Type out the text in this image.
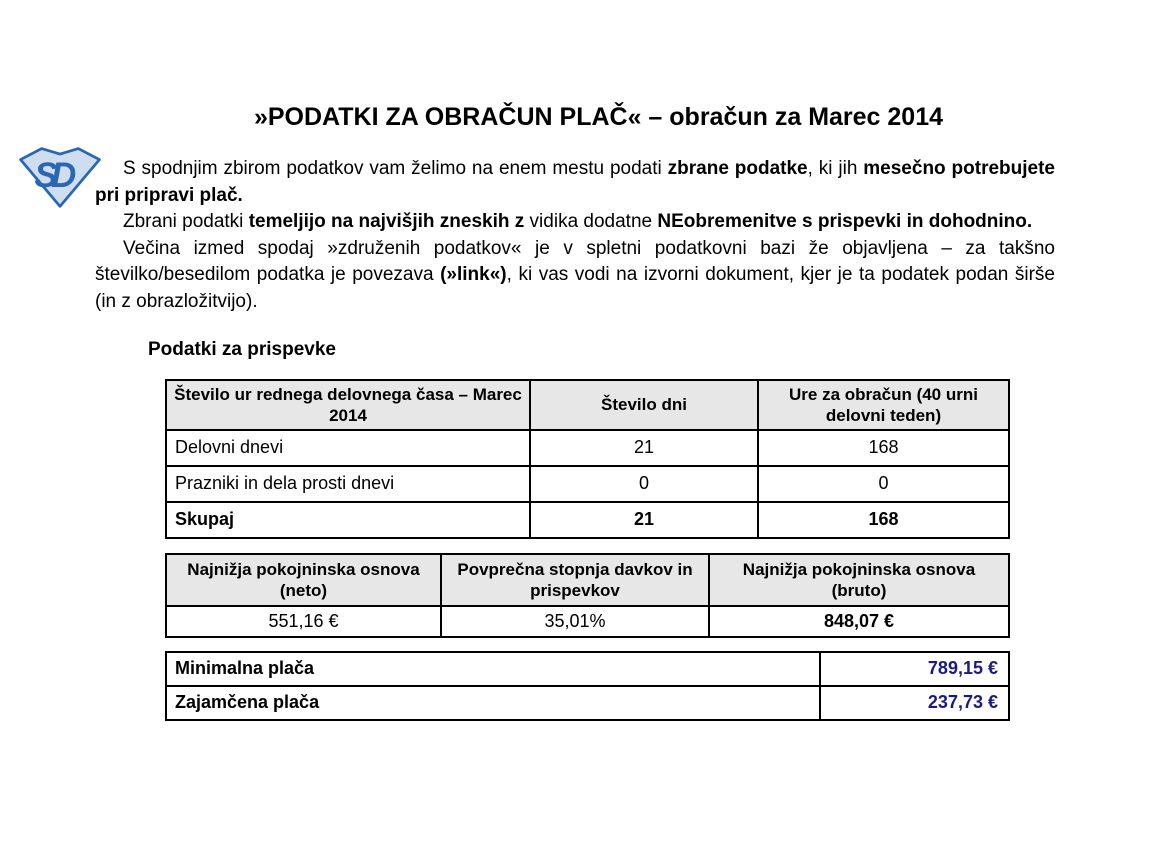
SD
»PODATKI ZA OBRAČUN PLAČ« – obračun za Marec 2014

S spodnjim zbirom podatkov vam želimo na enem mestu podati zbrane podatke, ki jih mesečno potrebujete pri pripravi plač.

Zbrani podatki temeljijo na najvišjih zneskih z vidika dodatne NEobremenitve s prispevki in dohodnino.

Večina izmed spodaj »združenih podatkov« je v spletni podatkovni bazi že objavljena – za takšno številko/besedilom podatka je povezava (»link«), ki vas vodi na izvorni dokument, kjer je ta podatek podan širše (in z obrazložitvijo).

Podatki za prispevke
Število ur rednega delovnega časa – Marec 2014	Število dni	Ure za obračun (40 urni delovni teden)
Delovni dnevi	21	168
Prazniki in dela prosti dnevi	0	0
Skupaj	21	168
Najnižja pokojninska osnova (neto)	Povprečna stopnja davkov in prispevkov	Najnižja pokojninska osnova (bruto)
551,16 €	35,01%	848,07 €
Minimalna plača	789,15 €
Zajamčena plača	237,73 €
